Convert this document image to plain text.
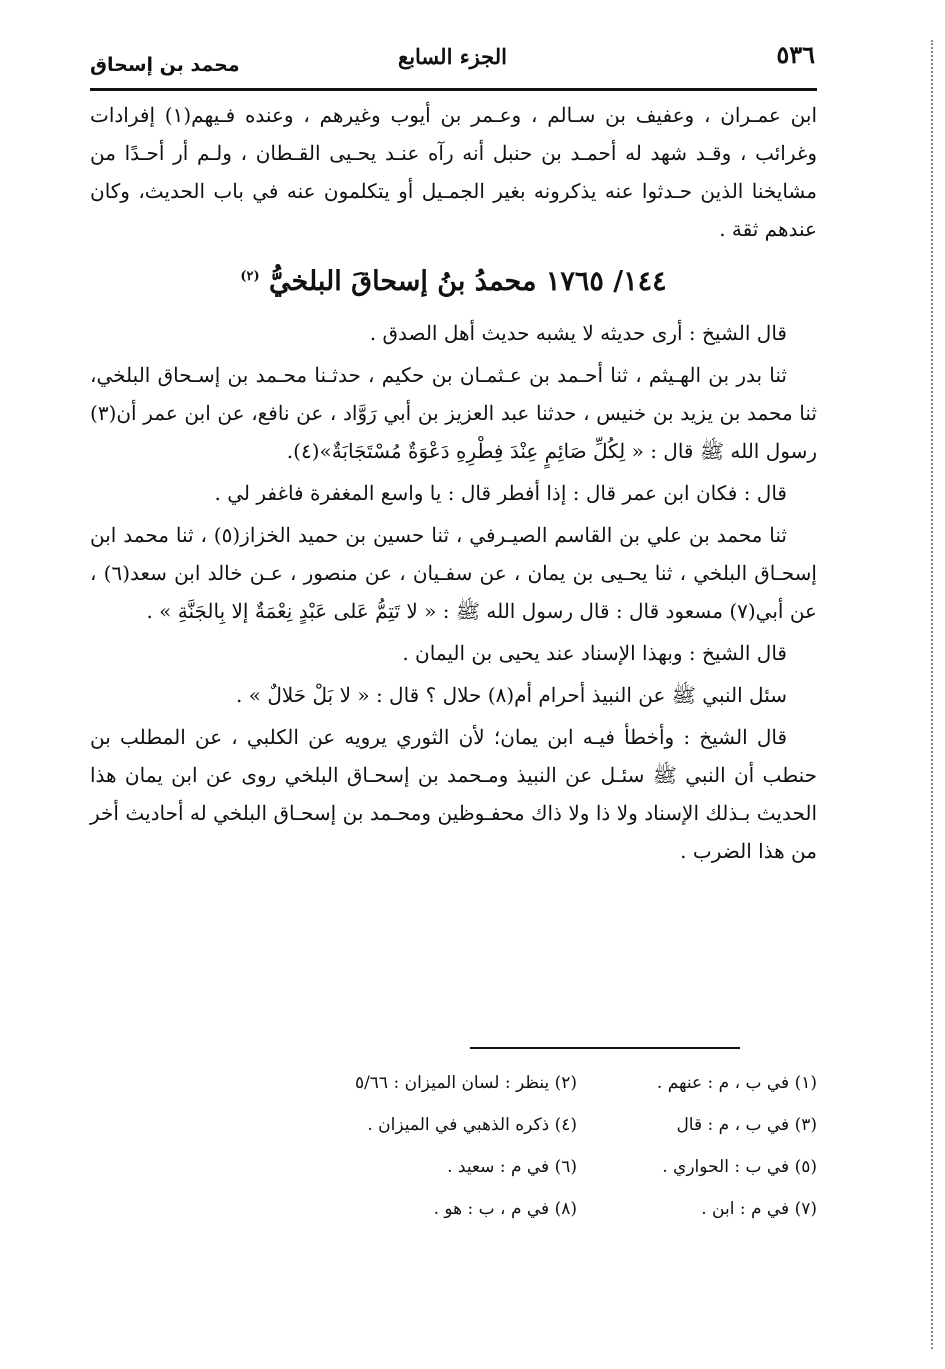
٥٣٦
الجزء السابع
محمد بن إسحاق

ابن عمـران ، وعفيف بن سـالم ، وعـمر بن أيوب وغيرهم ، وعنده فـيهم(١) إفرادات وغرائب ، وقـد شهد له أحمـد بن حنبل أنه رآه عنـد يحـيى القـطان ، ولـم أر أحـدًا من مشايخنا الذين حـدثوا عنه يذكرونه بغير الجمـيل أو يتكلمون عنه في باب الحديث، وكان عندهم ثقة .

١٤٤/ ١٧٦٥ محمدُ بنُ إسحاقَ البلخيُّ $^{(٢)}$

قال الشيخ : أرى حديثه لا يشبه حديث أهل الصدق .

ثنا بدر بن الهـيثم ، ثنا أحـمد بن عـثمـان بن حكيم ، حدثـنا محـمد بن إسـحاق البلخي، ثنا محمد بن يزيد بن خنيس ، حدثنا عبد العزيز بن أبي رَوَّاد ، عن نافع، عن ابن عمر أن(٣) رسول الله ﷺ قال : « لِكُلِّ صَائِمٍ عِنْدَ فِطْرِهِ دَعْوَةٌ مُسْتَجَابَةٌ»(٤).

قال : فكان ابن عمر قال : إذا أفطر قال : يا واسع المغفرة فاغفر لي .

ثنا محمد بن علي بن القاسم الصيـرفي ، ثنا حسين بن حميد الخزاز(٥) ، ثنا محمد ابن إسحـاق البلخي ، ثنا يحـيى بن يمان ، عن سفـيان ، عن منصور ، عـن خالد ابن سعد(٦) ، عن أبي(٧) مسعود قال : قال رسول الله ﷺ : « لا تَتِمُّ عَلى عَبْدٍ نِعْمَةٌ إلا بِالجَنَّةِ » .

قال الشيخ : وبهذا الإسناد عند يحيى بن اليمان .

سئل النبي ﷺ عن النبيذ أحرام أم(٨) حلال ؟ قال : « لا بَلْ حَلالٌ » .

قال الشيخ : وأخطأ فيـه ابن يمان؛ لأن الثوري يرويه عن الكلبي ، عن المطلب بن حنطب أن النبي ﷺ سئـل عن النبيذ ومـحمد بن إسحـاق البلخي روى عن ابن يمان هذا الحديث بـذلك الإسناد ولا ذا ولا ذاك محفـوظين ومحـمد بن إسحـاق البلخي له أحاديث أخر من هذا الضرب .

(١) في ب ، م : عنهم .
(٢) ينظر : لسان الميزان : ٥/٦٦
(٣) في ب ، م : قال
(٤) ذكره الذهبي في الميزان .
(٥) في ب : الحواري .
(٦) في م : سعيد .
(٧) في م : ابن .
(٨) في م ، ب : هو .
